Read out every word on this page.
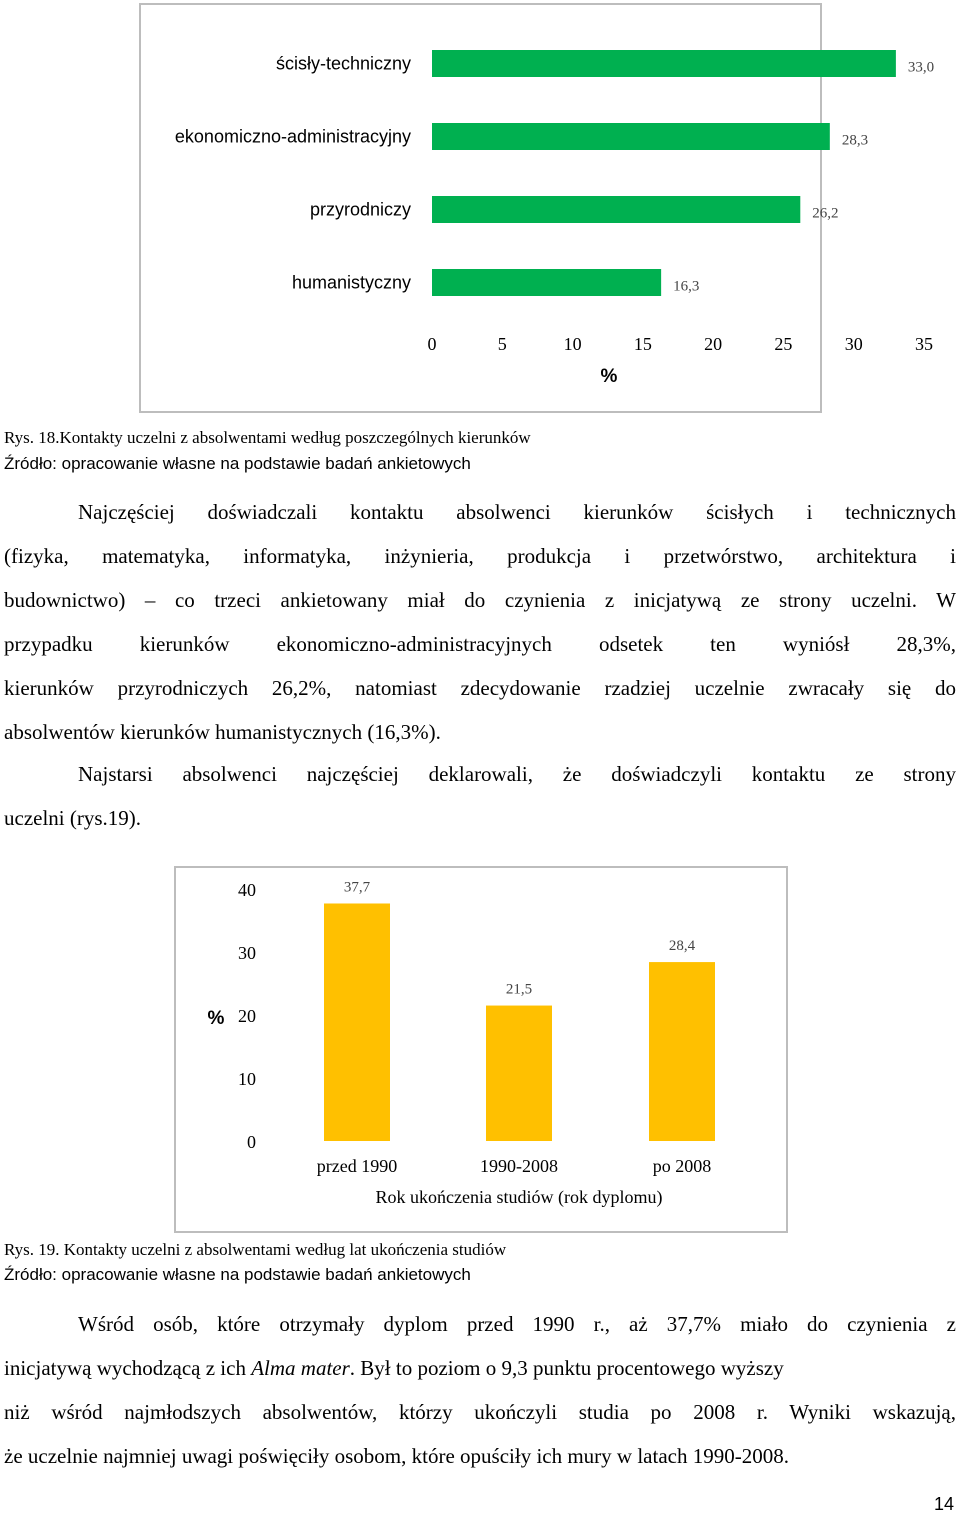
ścisły-techniczny	33,0
ekonomiczno-administracyjny	28,3
przyrodniczy	26,2
humanistyczny	16,3
0	5	10	15	20	25	30	35
%
Rys. 18.Kontakty uczelni z absolwentami według poszczególnych kierunków
Źródło: opracowanie własne na podstawie badań ankietowych
Najczęściej doświadczali kontaktu absolwenci kierunków ścisłych i technicznych
(fizyka, matematyka, informatyka, inżynieria, produkcja i przetwórstwo, architektura i
budownictwo) – co trzeci ankietowany miał do czynienia z inicjatywą ze strony uczelni. W
przypadku kierunków ekonomiczno-administracyjnych odsetek ten wyniósł 28,3%,
kierunków przyrodniczych 26,2%, natomiast zdecydowanie rzadziej uczelnie zwracały się do
absolwentów kierunków humanistycznych (16,3%).
Najstarsi absolwenci najczęściej deklarowali, że doświadczyli kontaktu ze strony
uczelni (rys.19).
40
30
20
10
0
%
37,7
przed 1990
21,5
1990-2008
28,4
po 2008
Rok ukończenia studiów (rok dyplomu)
Rys. 19. Kontakty uczelni z absolwentami według lat ukończenia studiów
Źródło: opracowanie własne na podstawie badań ankietowych
Wśród osób, które otrzymały dyplom przed 1990 r., aż 37,7% miało do czynienia z
inicjatywą wychodzącą z ich Alma mater. Był to poziom o 9,3 punktu procentowego wyższy
niż wśród najmłodszych absolwentów, którzy ukończyli studia po 2008 r. Wyniki wskazują,
że uczelnie najmniej uwagi poświęciły osobom, które opuściły ich mury w latach 1990-2008.
14
